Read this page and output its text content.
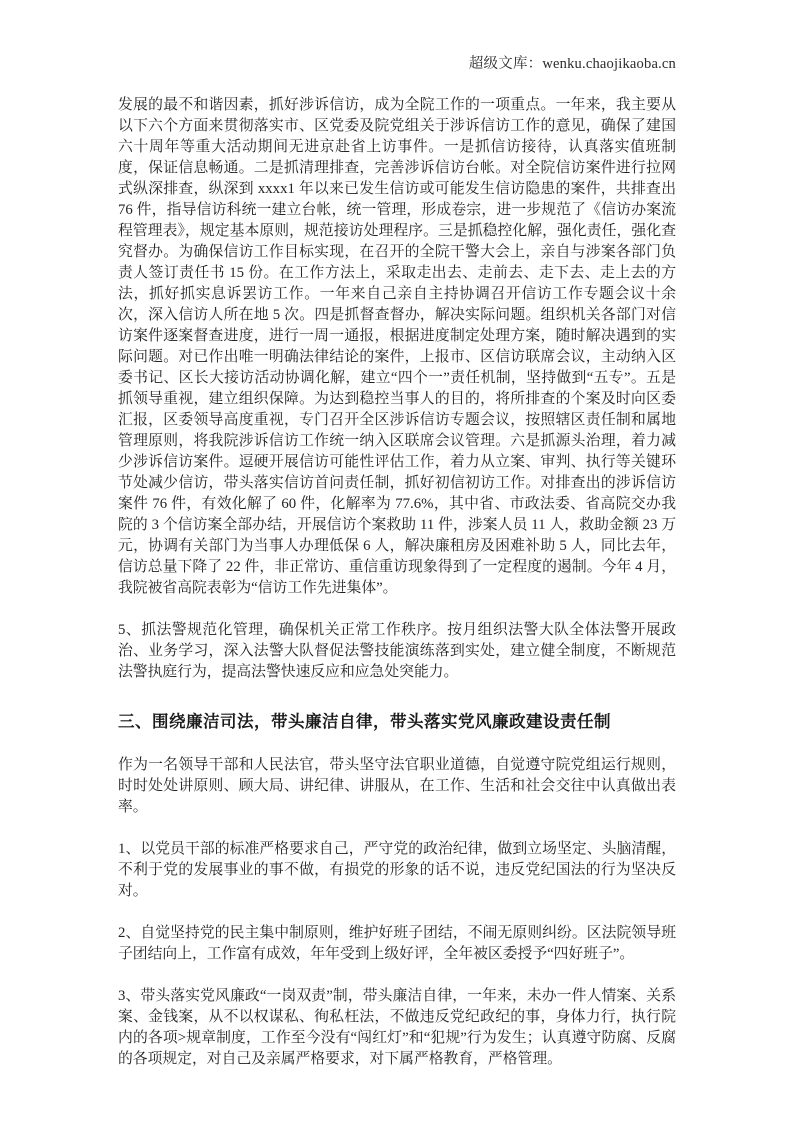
超级文库：wenku.chaojikaoba.cn

发展的最不和谐因素，抓好涉诉信访，成为全院工作的一项重点。一年来，我主要从以下六个方面来贯彻落实市、区党委及院党组关于涉诉信访工作的意见，确保了建国六十周年等重大活动期间无进京赴省上访事件。一是抓信访接待，认真落实值班制度，保证信息畅通。二是抓清理排查，完善涉诉信访台帐。对全院信访案件进行拉网式纵深排查，纵深到 xxxx1 年以来已发生信访或可能发生信访隐患的案件，共排查出 76 件，指导信访科统一建立台帐，统一管理，形成卷宗，进一步规范了《信访办案流程管理表》，规定基本原则，规范接访处理程序。三是抓稳控化解，强化责任，强化查究督办。为确保信访工作目标实现，在召开的全院干警大会上，亲自与涉案各部门负责人签订责任书 15 份。在工作方法上，采取走出去、走前去、走下去、走上去的方法，抓好抓实息诉罢访工作。一年来自己亲自主持协调召开信访工作专题会议十余次，深入信访人所在地 5 次。四是抓督查督办，解决实际问题。组织机关各部门对信访案件逐案督查进度，进行一周一通报，根据进度制定处理方案，随时解决遇到的实际问题。对已作出唯一明确法律结论的案件，上报市、区信访联席会议，主动纳入区委书记、区长大接访活动协调化解，建立“四个一”责任机制，坚持做到“五专”。五是抓领导重视，建立组织保障。为达到稳控当事人的目的，将所排查的个案及时向区委汇报，区委领导高度重视，专门召开全区涉诉信访专题会议，按照辖区责任制和属地管理原则，将我院涉诉信访工作统一纳入区联席会议管理。六是抓源头治理，着力减少涉诉信访案件。逗硬开展信访可能性评估工作，着力从立案、审判、执行等关键环节处减少信访，带头落实信访首问责任制，抓好初信初访工作。对排查出的涉诉信访案件 76 件，有效化解了 60 件，化解率为 77.6%，其中省、市政法委、省高院交办我院的 3 个信访案全部办结，开展信访个案救助 11 件，涉案人员 11 人，救助金额 23 万元，协调有关部门为当事人办理低保 6 人，解决廉租房及困难补助 5 人，同比去年，信访总量下降了 22 件，非正常访、重信重访现象得到了一定程度的遏制。今年 4 月，我院被省高院表彰为“信访工作先进集体”。

5、抓法警规范化管理，确保机关正常工作秩序。按月组织法警大队全体法警开展政治、业务学习，深入法警大队督促法警技能演练落到实处，建立健全制度，不断规范法警执庭行为，提高法警快速反应和应急处突能力。

三、围绕廉洁司法，带头廉洁自律，带头落实党风廉政建设责任制

作为一名领导干部和人民法官，带头坚守法官职业道德，自觉遵守院党组运行规则，时时处处讲原则、顾大局、讲纪律、讲服从，在工作、生活和社会交往中认真做出表率。

1、以党员干部的标准严格要求自己，严守党的政治纪律，做到立场坚定、头脑清醒，不利于党的发展事业的事不做，有损党的形象的话不说，违反党纪国法的行为坚决反对。

2、自觉坚持党的民主集中制原则，维护好班子团结，不闹无原则纠纷。区法院领导班子团结向上，工作富有成效，年年受到上级好评，全年被区委授予“四好班子”。

3、带头落实党风廉政“一岗双责”制，带头廉洁自律，一年来，未办一件人情案、关系案、金钱案，从不以权谋私、徇私枉法，不做违反党纪政纪的事，身体力行，执行院内的各项>规章制度，工作至今没有“闯红灯”和“犯规”行为发生；认真遵守防腐、反腐的各项规定，对自己及亲属严格要求，对下属严格教育，严格管理。
